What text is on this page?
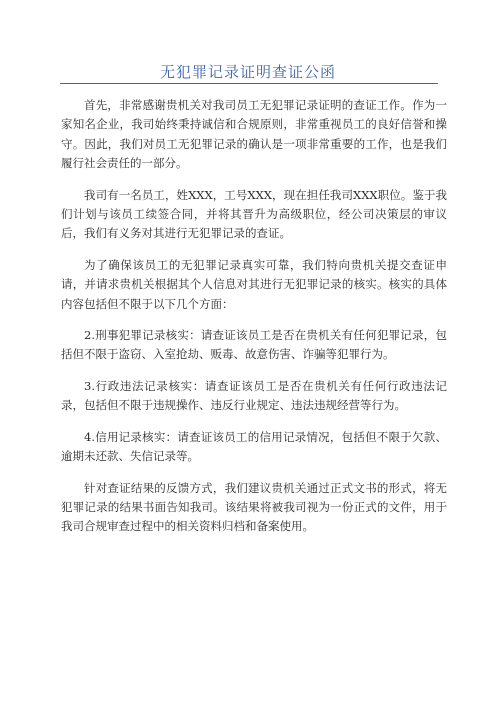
无犯罪记录证明查证公函

首先，非常感谢贵机关对我司员工无犯罪记录证明的查证工作。作为一家知名企业，我司始终秉持诚信和合规原则，非常重视员工的良好信誉和操守。因此，我们对员工无犯罪记录的确认是一项非常重要的工作，也是我们履行社会责任的一部分。

我司有一名员工，姓XXX，工号XXX，现在担任我司XXX职位。鉴于我们计划与该员工续签合同，并将其晋升为高级职位，经公司决策层的审议后，我们有义务对其进行无犯罪记录的查证。

为了确保该员工的无犯罪记录真实可靠，我们特向贵机关提交查证申请，并请求贵机关根据其个人信息对其进行无犯罪记录的核实。核实的具体内容包括但不限于以下几个方面：

2.刑事犯罪记录核实：请查证该员工是否在贵机关有任何犯罪记录，包括但不限于盗窃、入室抢劫、贩毒、故意伤害、诈骗等犯罪行为。

3.行政违法记录核实：请查证该员工是否在贵机关有任何行政违法记录，包括但不限于违规操作、违反行业规定、违法违规经营等行为。

4.信用记录核实：请查证该员工的信用记录情况，包括但不限于欠款、逾期未还款、失信记录等。

针对查证结果的反馈方式，我们建议贵机关通过正式文书的形式，将无犯罪记录的结果书面告知我司。该结果将被我司视为一份正式的文件，用于我司合规审查过程中的相关资料归档和备案使用。
